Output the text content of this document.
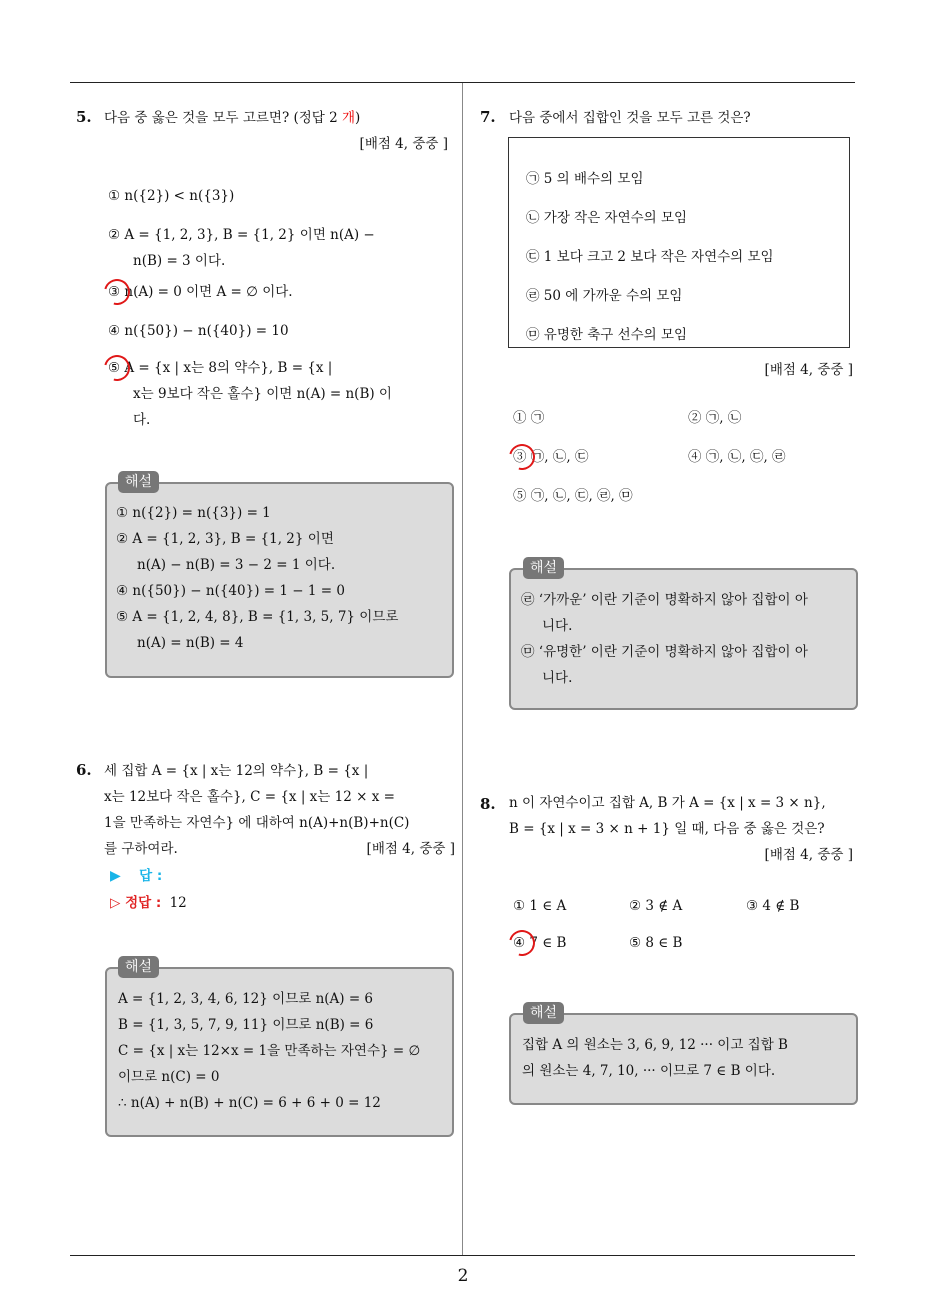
2
5. 다음 중 옳은 것을 모두 고르면? (정답 2 개)
[배점 4, 중중 ]
① n({2}) < n({3})
② A = {1, 2, 3}, B = {1, 2} 이면 n(A) −
n(B) = 3 이다.
③ n(A) = 0 이면 A = ∅ 이다.
④ n({50}) − n({40}) = 10
⑤ A = {x | x는 8의 약수}, B = {x |
x는 9보다 작은 홀수} 이면 n(A) = n(B) 이
다.
해설
① n({2}) = n({3}) = 1
② A = {1, 2, 3}, B = {1, 2} 이면
n(A) − n(B) = 3 − 2 = 1 이다.
④ n({50}) − n({40}) = 1 − 1 = 0
⑤ A = {1, 2, 4, 8}, B = {1, 3, 5, 7} 이므로
n(A) = n(B) = 4
6. 세 집합 A = {x | x는 12의 약수}, B = {x |
x는 12보다 작은 홀수}, C = {x | x는 12 × x =
1을 만족하는 자연수} 에 대하여 n(A)+n(B)+n(C)
를 구하여라.	[배점 4, 중중 ]
▶ 답 :
▷ 정답 : 12
해설
A = {1, 2, 3, 4, 6, 12} 이므로 n(A) = 6
B = {1, 3, 5, 7, 9, 11} 이므로 n(B) = 6
C = {x | x는 12×x = 1을 만족하는 자연수} = ∅
이므로 n(C) = 0
∴ n(A) + n(B) + n(C) = 6 + 6 + 0 = 12
7. 다음 중에서 집합인 것을 모두 고른 것은?
㉠ 5 의 배수의 모임
㉡ 가장 작은 자연수의 모임
㉢ 1 보다 크고 2 보다 작은 자연수의 모임
㉣ 50 에 가까운 수의 모임
㉤ 유명한 축구 선수의 모임
[배점 4, 중중 ]
① ㉠	② ㉠, ㉡
③ ㉠, ㉡, ㉢	④ ㉠, ㉡, ㉢, ㉣
⑤ ㉠, ㉡, ㉢, ㉣, ㉤
해설
㉣ ‘가까운’ 이란 기준이 명확하지 않아 집합이 아
니다.
㉤ ‘유명한’ 이란 기준이 명확하지 않아 집합이 아
니다.
8. n 이 자연수이고 집합 A, B 가 A = {x | x = 3 × n},
B = {x | x = 3 × n + 1} 일 때, 다음 중 옳은 것은?
[배점 4, 중중 ]
① 1 ∈ A	② 3 ∉ A	③ 4 ∉ B
④ 7 ∈ B	⑤ 8 ∈ B
해설
집합 A 의 원소는 3, 6, 9, 12 ··· 이고 집합 B
의 원소는 4, 7, 10, ··· 이므로 7 ∈ B 이다.
